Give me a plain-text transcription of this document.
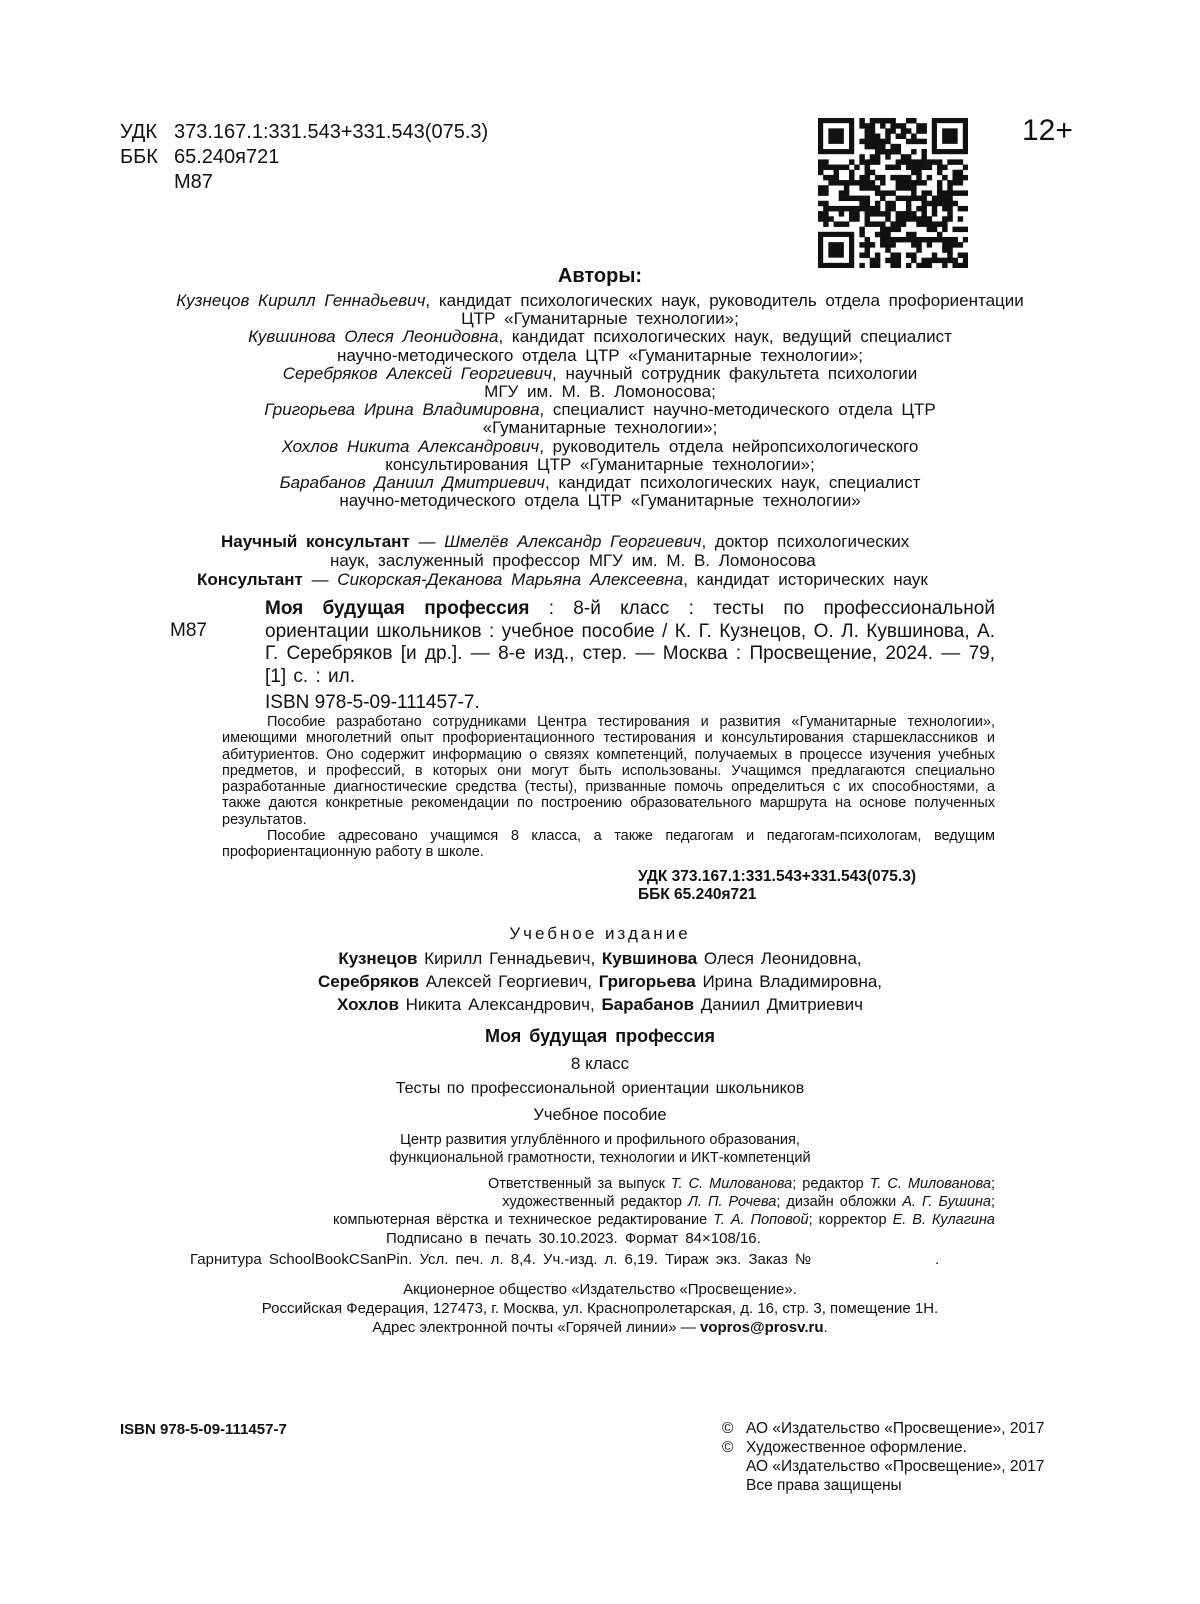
УДК 373.167.1:331.543+331.543(075.3)
ББК 65.240я721
М87
12+
Авторы:
Кузнецов Кирилл Геннадьевич, кандидат психологических наук, руководитель отдела профориентации
ЦТР «Гуманитарные технологии»;
Кувшинова Олеся Леонидовна, кандидат психологических наук, ведущий специалист
научно-методического отдела ЦТР «Гуманитарные технологии»;
Серебряков Алексей Георгиевич, научный сотрудник факультета психологии
МГУ им. М. В. Ломоносова;
Григорьева Ирина Владимировна, специалист научно-методического отдела ЦТР
«Гуманитарные технологии»;
Хохлов Никита Александрович, руководитель отдела нейропсихологического
консультирования ЦТР «Гуманитарные технологии»;
Барабанов Даниил Дмитриевич, кандидат психологических наук, специалист
научно-методического отдела ЦТР «Гуманитарные технологии»
Научный консультант — Шмелёв Александр Георгиевич, доктор психологических
наук, заслуженный профессор МГУ им. М. В. Ломоносова
Консультант — Сикорская-Деканова Марьяна Алексеевна, кандидат исторических наук
М87
Моя будущая профессия : 8-й класс : тесты по профессиональной ориентации школьников : учебное пособие / К. Г. Кузнецов, О. Л. Кувшинова, А. Г. Серебряков [и др.]. — 8-е изд., стер. — Москва : Просвещение, 2024. — 79, [1] с. : ил.
ISBN 978-5-09-111457-7.

Пособие разработано сотрудниками Центра тестирования и развития «Гуманитарные технологии», имеющими многолетний опыт профориентационного тестирования и консультирования старшеклассников и абитуриентов. Оно содержит информацию о связях компетенций, получаемых в процессе изучения учебных предметов, и профессий, в которых они могут быть использованы. Учащимся предлагаются специально разработанные диагностические средства (тесты), призванные помочь определиться с их способностями, а также даются конкретные рекомендации по построению образовательного маршрута на основе полученных результатов.

Пособие адресовано учащимся 8 класса, а также педагогам и педагогам-психологам, ведущим профориентационную работу в школе.

УДК 373.167.1:331.543+331.543(075.3)
ББК 65.240я721
Учебное издание
Кузнецов Кирилл Геннадьевич, Кувшинова Олеся Леонидовна,
Серебряков Алексей Георгиевич, Григорьева Ирина Владимировна,
Хохлов Никита Александрович, Барабанов Даниил Дмитриевич
Моя будущая профессия
8 класс
Тесты по профессиональной ориентации школьников
Учебное пособие
Центр развития углублённого и профильного образования,
функциональной грамотности, технологии и ИКТ-компетенций
Ответственный за выпуск Т. С. Милованова; редактор Т. С. Милованова;
художественный редактор Л. П. Рочева; дизайн обложки А. Г. Бушина;
компьютерная вёрстка и техническое редактирование Т. А. Поповой; корректор Е. В. Кулагина
Подписано в печать 30.10.2023. Формат 84×108/16.
Гарнитура SchoolBookCSanPin. Усл. печ. л. 8,4. Уч.-изд. л. 6,19. Тираж экз. Заказ №	.
Акционерное общество «Издательство «Просвещение».
Российская Федерация, 127473, г. Москва, ул. Краснопролетарская, д. 16, стр. 3, помещение 1Н.
Адрес электронной почты «Горячей линии» — vopros@prosv.ru.
ISBN 978-5-09-111457-7	© АО «Издательство «Просвещение», 2017
© Художественное оформление.
АО «Издательство «Просвещение», 2017
Все права защищены
